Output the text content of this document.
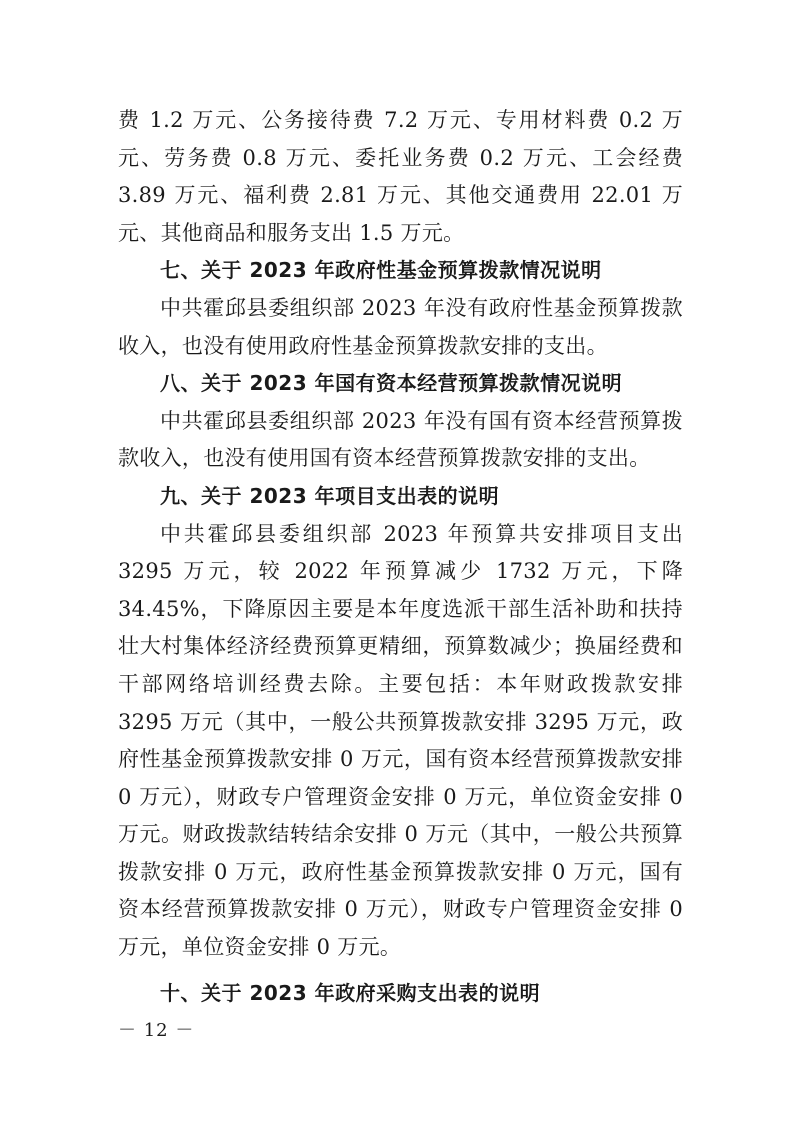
费 1.2 万元、公务接待费 7.2 万元、专用材料费 0.2 万元、劳务费 0.8 万元、委托业务费 0.2 万元、工会经费 3.89 万元、福利费 2.81 万元、其他交通费用 22.01 万元、其他商品和服务支出 1.5 万元。

七、关于 2023 年政府性基金预算拨款情况说明

中共霍邱县委组织部 2023 年没有政府性基金预算拨款收入，也没有使用政府性基金预算拨款安排的支出。

八、关于 2023 年国有资本经营预算拨款情况说明

中共霍邱县委组织部 2023 年没有国有资本经营预算拨款收入，也没有使用国有资本经营预算拨款安排的支出。

九、关于 2023 年项目支出表的说明

中共霍邱县委组织部 2023 年预算共安排项目支出 3295 万元，较 2022 年预算减少 1732 万元，下降 34.45%，下降原因主要是本年度选派干部生活补助和扶持壮大村集体经济经费预算更精细，预算数减少；换届经费和干部网络培训经费去除。主要包括：本年财政拨款安排 3295 万元（其中，一般公共预算拨款安排 3295 万元，政府性基金预算拨款安排 0 万元，国有资本经营预算拨款安排 0 万元），财政专户管理资金安排 0 万元，单位资金安排 0 万元。财政拨款结转结余安排 0 万元（其中，一般公共预算拨款安排 0 万元，政府性基金预算拨款安排 0 万元，国有资本经营预算拨款安排 0 万元），财政专户管理资金安排 0 万元，单位资金安排 0 万元。

十、关于 2023 年政府采购支出表的说明

－ 12 －
